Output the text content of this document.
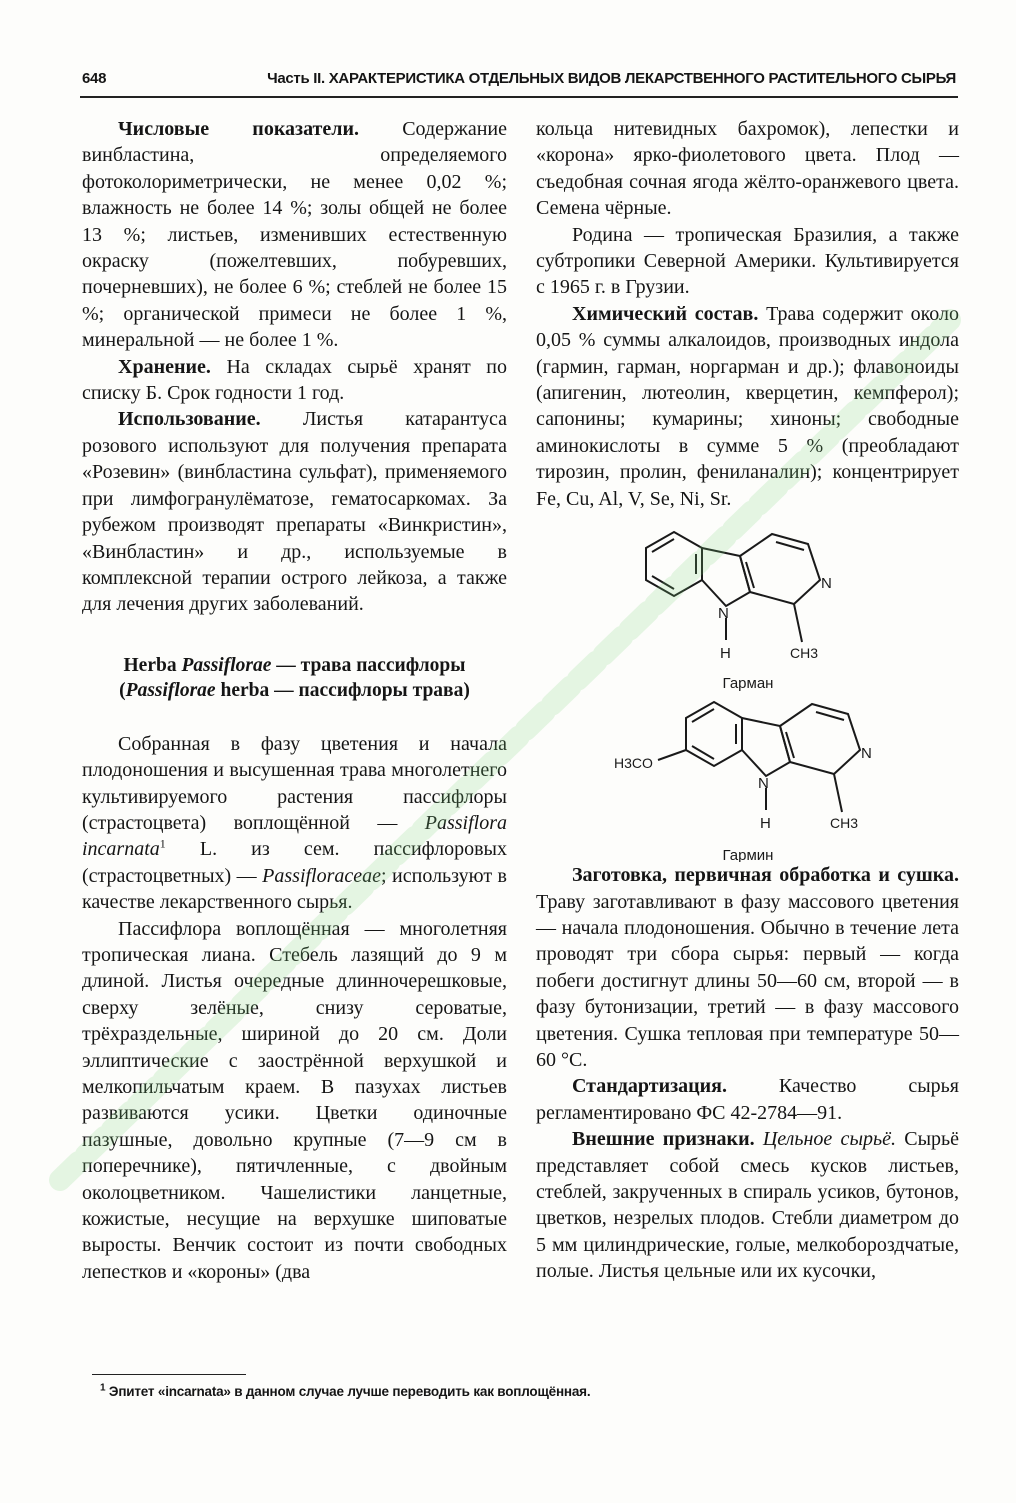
648	Часть II. ХАРАКТЕРИСТИКА ОТДЕЛЬНЫХ ВИДОВ ЛЕКАРСТВЕННОГО РАСТИТЕЛЬНОГО СЫРЬЯ

Числовые показатели. Содержание винбластина, определяемого фотоколориметрически, не менее 0,02 %; влажность не более 14 %; золы общей не более 13 %; листьев, изменивших естественную окраску (пожелтевших, побуревших, почерневших), не более 6 %; стеблей не более 15 %; органической примеси не более 1 %, минеральной — не более 1 %.

Хранение. На складах сырьё хранят по списку Б. Срок годности 1 год.

Использование. Листья катарантуса розового используют для получения препарата «Розевин» (винбластина сульфат), применяемого при лимфогранулёматозе, гематосаркомах. За рубежом производят препараты «Винкристин», «Винбластин» и др., используемые в комплексной терапии острого лейкоза, а также для лечения других заболеваний.

Herba Passiflorae — трава пассифлоры
(Passiflorae herba — пассифлоры трава)

Собранная в фазу цветения и начала плодоношения и высушенная трава многолетнего культивируемого растения пассифлоры (страстоцвета) воплощённой — Passiflora incarnata$^1$ L. из сем. пассифлоровых (страстоцветных) — Passifloraceae; используют в качестве лекарственного сырья.

Пассифлора воплощённая — многолетняя тропическая лиана. Стебель лазящий до 9 м длиной. Листья очередные длинночерешковые, сверху зелёные, снизу сероватые, трёхраздельные, шириной до 20 см. Доли эллиптические с заострённой верхушкой и мелкопильчатым краем. В пазухах листьев развиваются усики. Цветки одиночные пазушные, довольно крупные (7—9 см в поперечнике), пятичленные, с двойным околоцветником. Чашелистики ланцетные, кожистые, несущие на верхушке шиповатые выросты. Венчик состоит из почти свободных лепестков и «короны» (два

кольца нитевидных бахромок), лепестки и «корона» ярко-фиолетового цвета. Плод — съедобная сочная ягода жёлто-оранжевого цвета. Семена чёрные.

Родина — тропическая Бразилия, а также субтропики Северной Америки. Культивируется с 1965 г. в Грузии.

Химический состав. Трава содержит около 0,05 % суммы алкалоидов, производных индола (гармин, гарман, норгарман и др.); флавоноиды (апигенин, лютеолин, кверцетин, кемпферол); сапонины; кумарины; хиноны; свободные аминокислоты в сумме 5 % (преобладают тирозин, пролин, фениланалин); концентрирует Fe, Cu, Al, V, Se, Ni, Sr.

N
N
H	CH3
Гарман
N
N
H	CH3
H3CO
Гармин

Заготовка, первичная обработка и сушка. Траву заготавливают в фазу массового цветения — начала плодоношения. Обычно в течение лета проводят три сбора сырья: первый — когда побеги достигнут длины 50—60 см, второй — в фазу бутонизации, третий — в фазу массового цветения. Сушка тепловая при температуре 50—60 °С.

Стандартизация. Качество сырья регламентировано ФС 42-2784—91.

Внешние признаки. Цельное сырьё. Сырьё представляет собой смесь кусков листьев, стеблей, закрученных в спираль усиков, бутонов, цветков, незрелых плодов. Стебли диаметром до 5 мм цилиндрические, голые, мелкобороздчатые, полые. Листья цельные или их кусочки,

$^1$ Эпитет «incarnata» в данном случае лучше переводить как воплощённая.
